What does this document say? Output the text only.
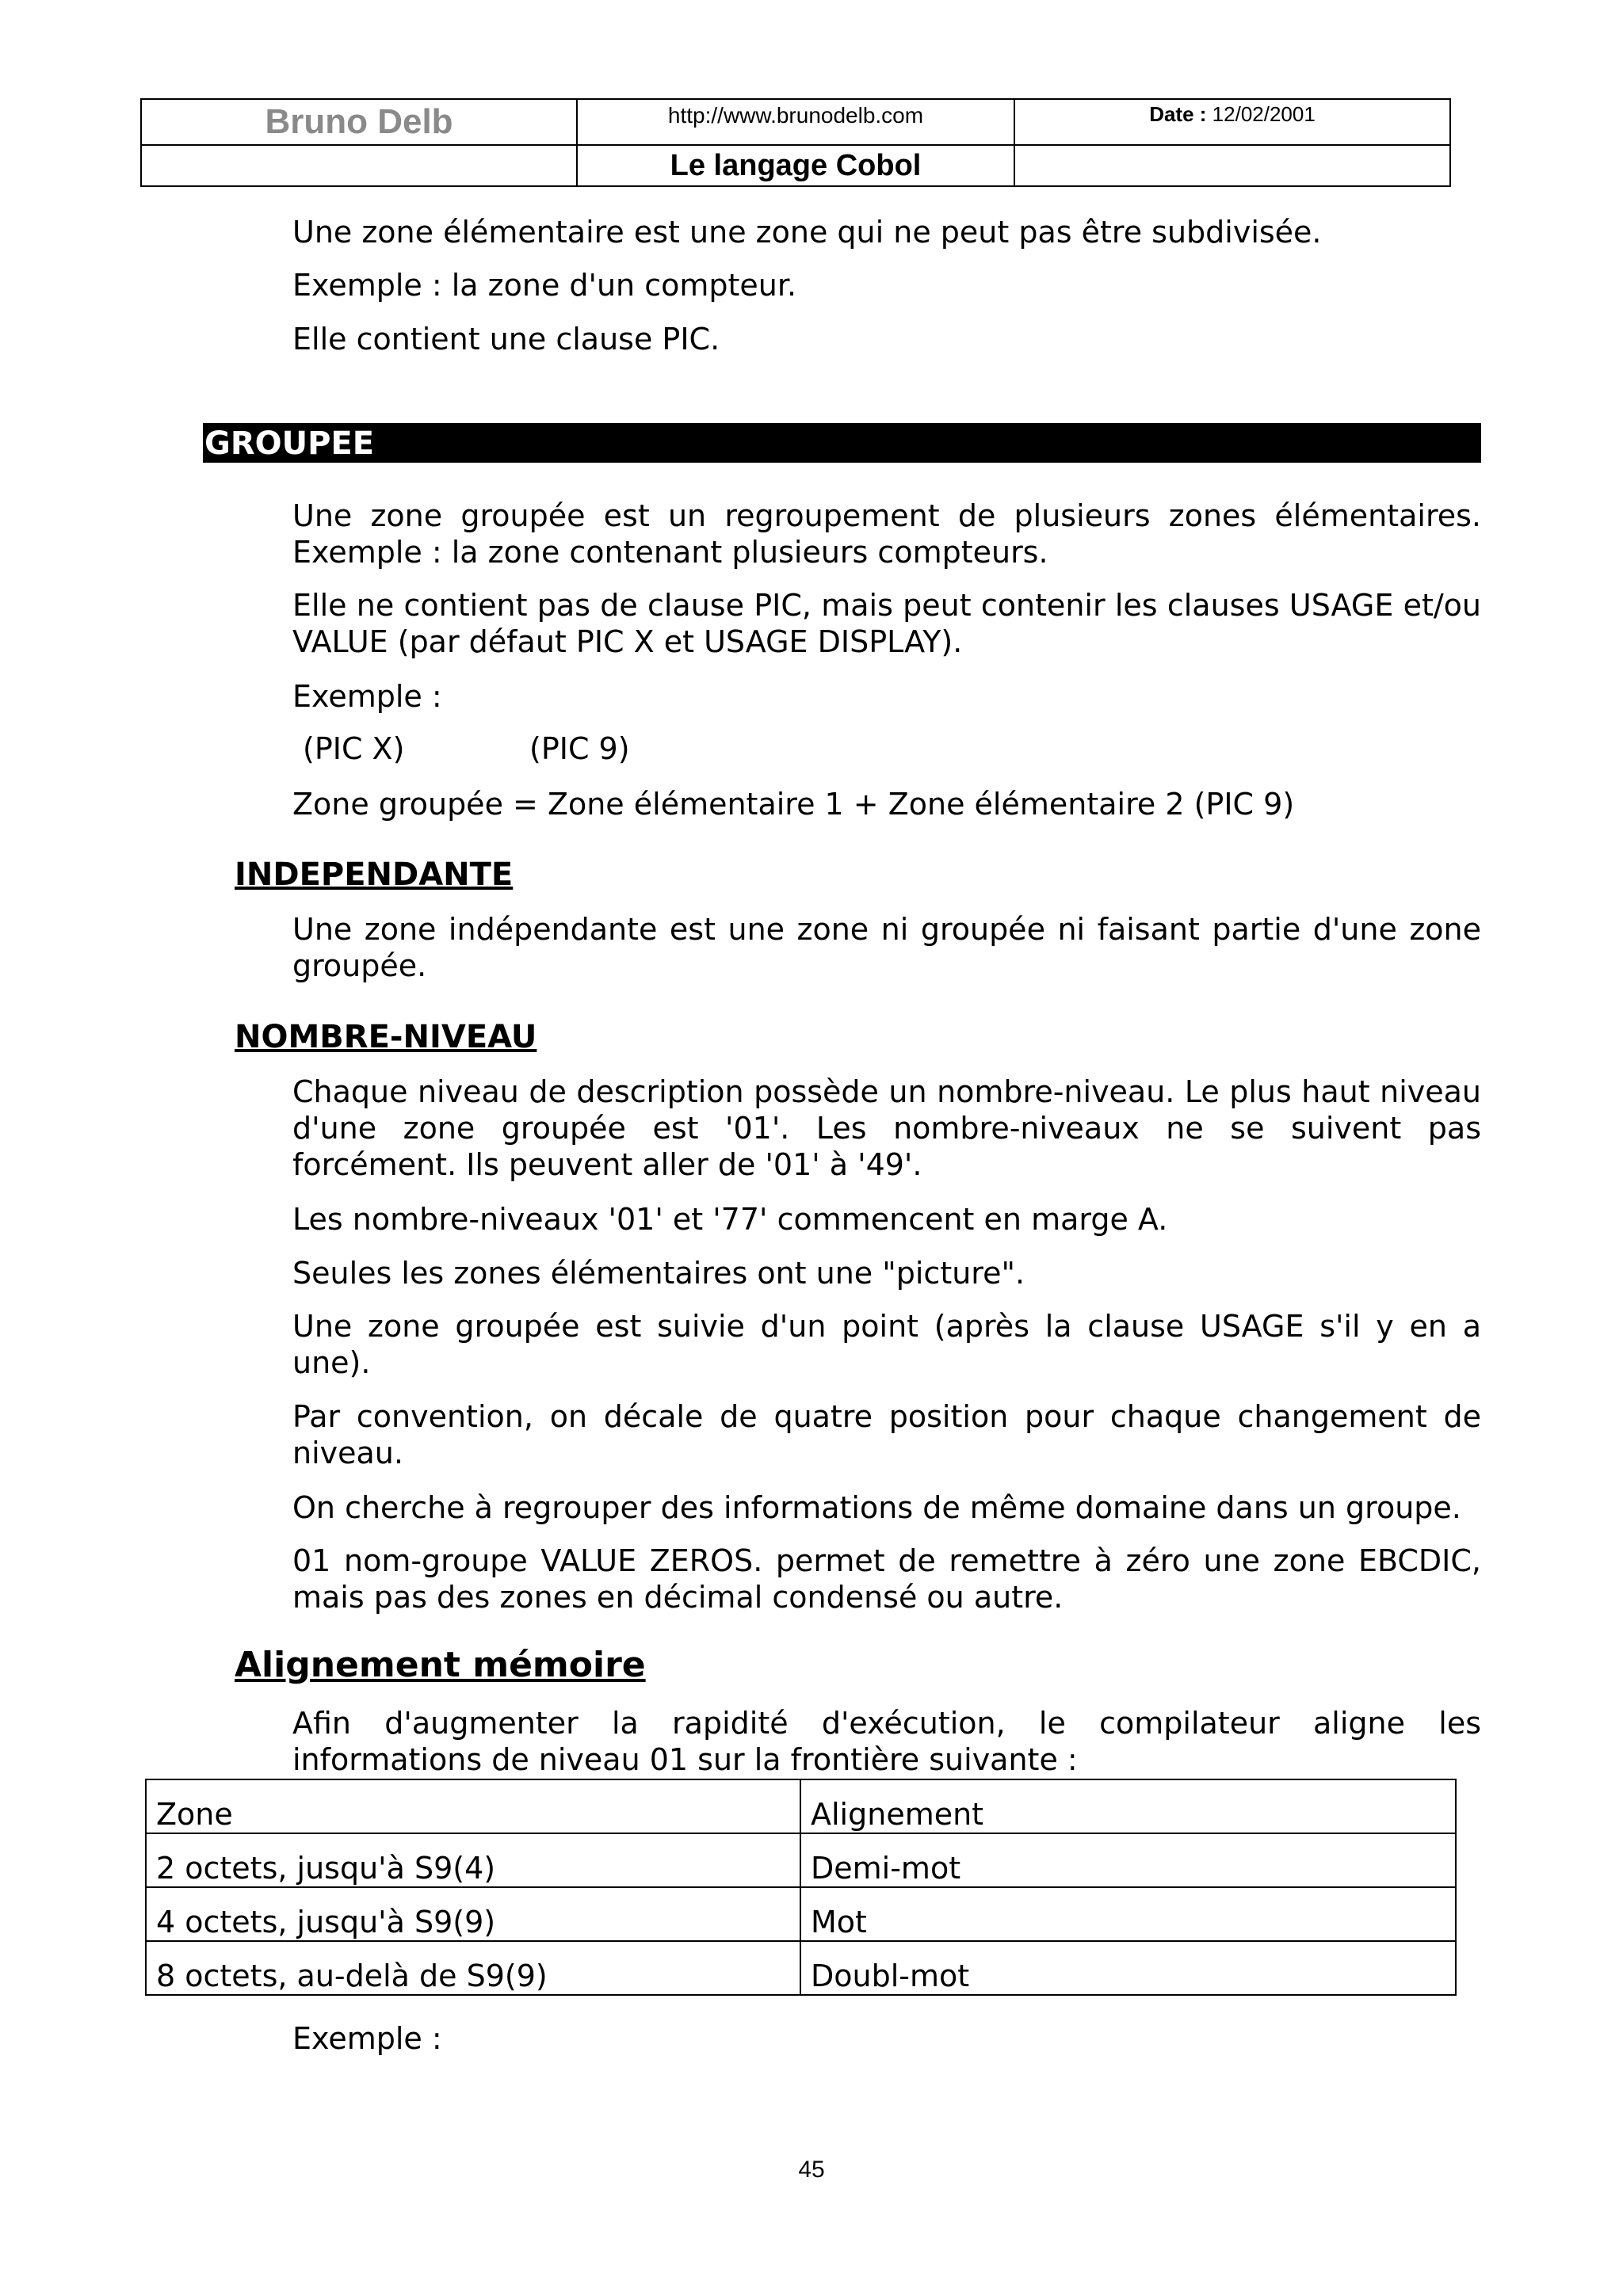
Bruno Delb	http://www.brunodelb.com	Date : 12/02/2001
	Le langage Cobol	

Une zone élémentaire est une zone qui ne peut pas être subdivisée.

Exemple : la zone d'un compteur.

Elle contient une clause PIC.

GROUPEE

Une zone groupée est un regroupement de plusieurs zones élémentaires. Exemple : la zone contenant plusieurs compteurs.

Elle ne contient pas de clause PIC, mais peut contenir les clauses USAGE et/ou VALUE (par défaut PIC X et USAGE DISPLAY).

Exemple :

(PIC X)	(PIC 9)

Zone groupée = Zone élémentaire 1 + Zone élémentaire 2 (PIC 9)

INDEPENDANTE

Une zone indépendante est une zone ni groupée ni faisant partie d'une zone groupée.

NOMBRE-NIVEAU

Chaque niveau de description possède un nombre-niveau. Le plus haut niveau d'une zone groupée est '01'. Les nombre-niveaux ne se suivent pas forcément. Ils peuvent aller de '01' à '49'.

Les nombre-niveaux '01' et '77' commencent en marge A.

Seules les zones élémentaires ont une "picture".

Une zone groupée est suivie d'un point (après la clause USAGE s'il y en a une).

Par convention, on décale de quatre position pour chaque changement de niveau.

On cherche à regrouper des informations de même domaine dans un groupe.

01 nom-groupe VALUE ZEROS. permet de remettre à zéro une zone EBCDIC, mais pas des zones en décimal condensé ou autre.

Alignement mémoire

Afin d'augmenter la rapidité d'exécution, le compilateur aligne les informations de niveau 01 sur la frontière suivante :

Zone	Alignement
2 octets, jusqu'à S9(4)	Demi-mot
4 octets, jusqu'à S9(9)	Mot
8 octets, au-delà de S9(9)	Doubl-mot

Exemple :

45
